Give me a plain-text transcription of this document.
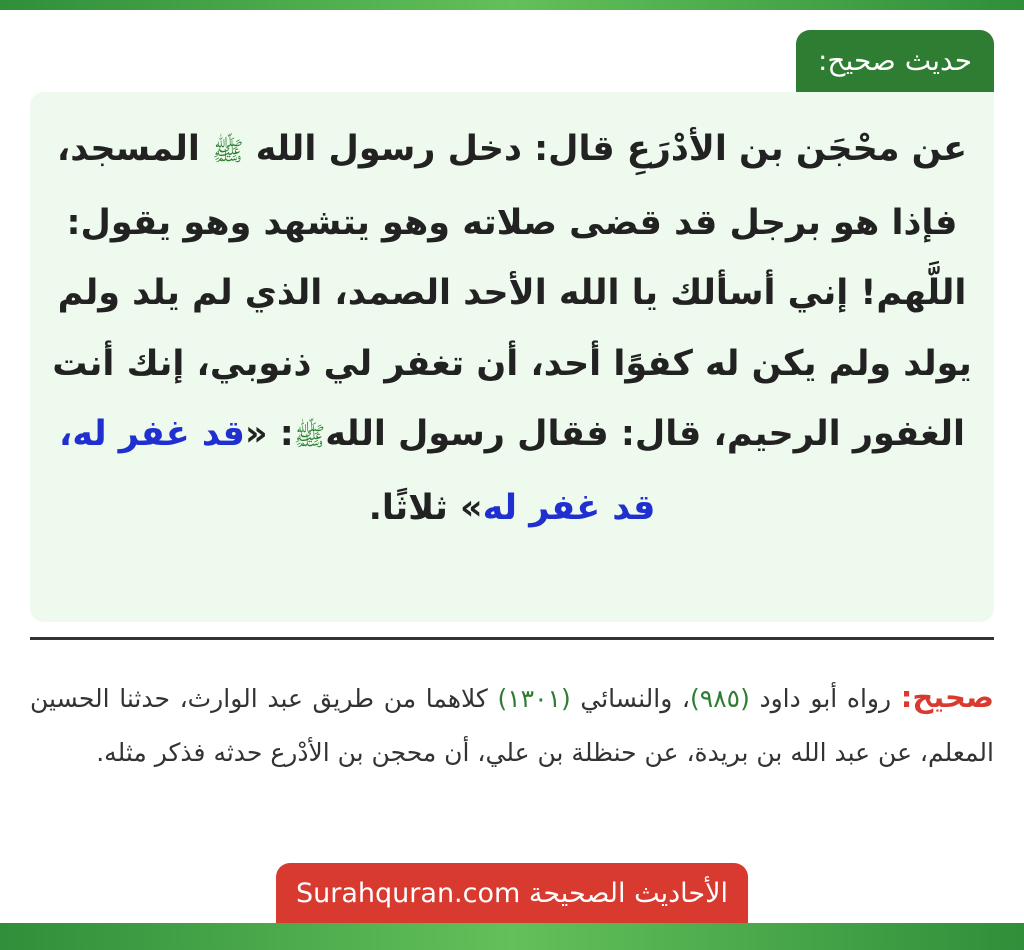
حديث صحيح:
عن محْجَن بن الأدْرَعِ قال: دخل رسول الله ﷺ المسجد، فإذا هو برجل قد قضى صلاته وهو يتشهد وهو يقول: اللَّهم! إني أسألك يا الله الأحد الصمد، الذي لم يلد ولم يولد ولم يكن له كفوًا أحد، أن تغفر لي ذنوبي، إنك أنت الغفور الرحيم، قال: فقال رسول اللهﷺ: «قد غفر له، قد غفر له» ثلاثًا.
صحيح: رواه أبو داود (٩٨٥)، والنسائي (١٣٠١) كلاهما من طريق عبد الوارث، حدثنا الحسين المعلم، عن عبد الله بن بريدة، عن حنظلة بن علي، أن محجن بن الأدْرع حدثه فذكر مثله.
الأحاديث الصحيحة Surahquran.com
